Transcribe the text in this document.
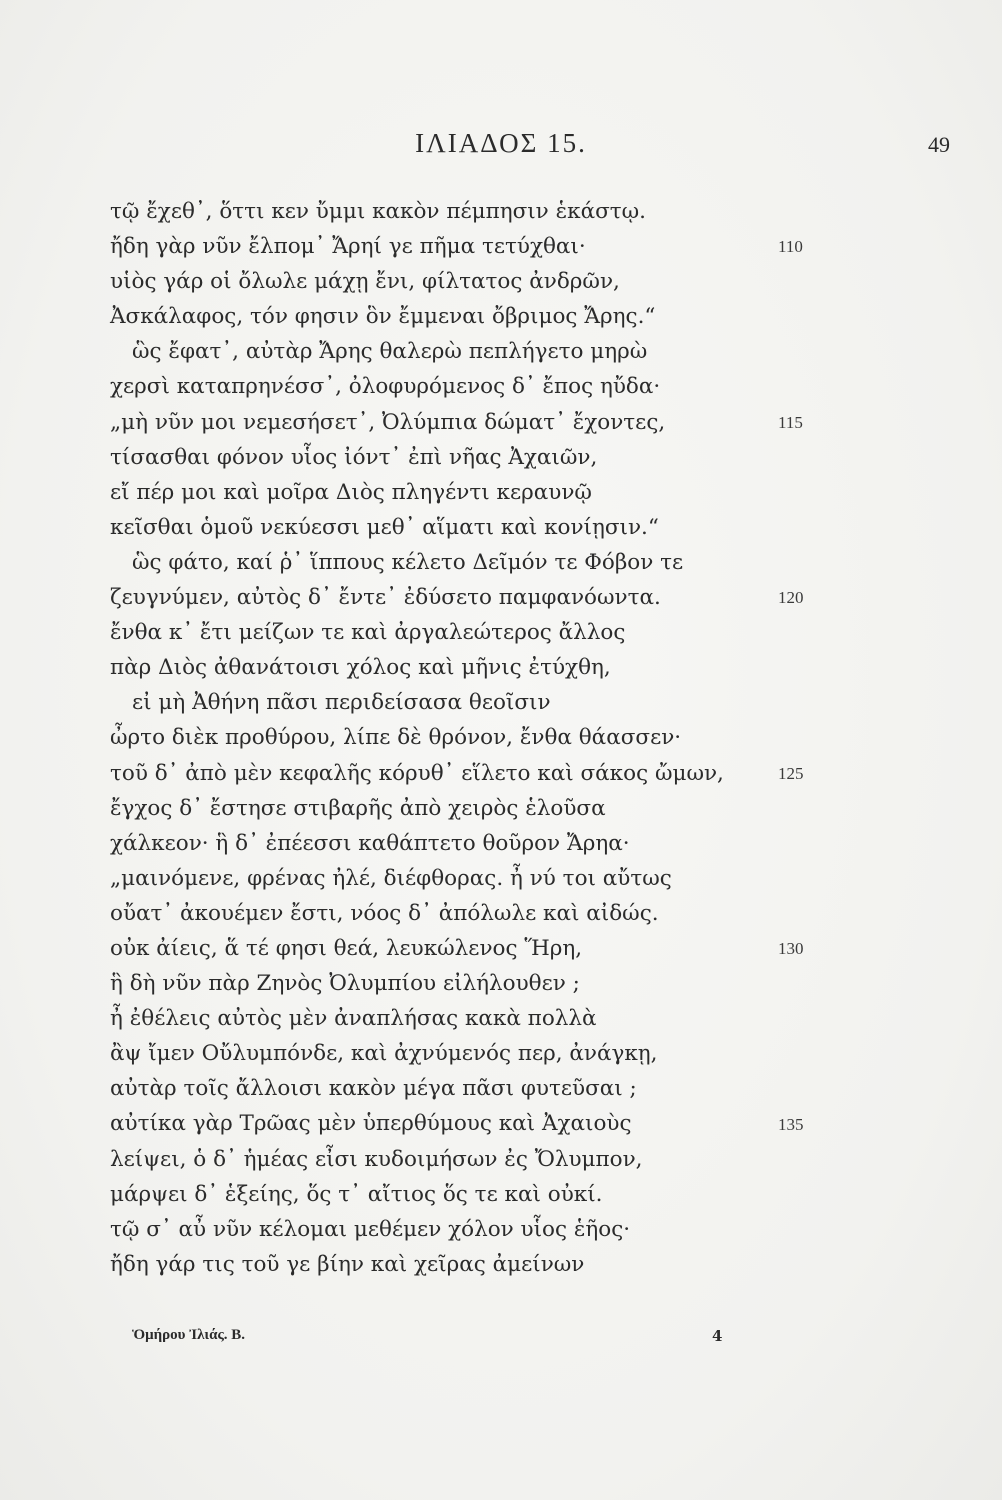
ΙΛΙΑΔΟΣ 15.	49
τῷ ἔχεθ᾽, ὅττι κεν ὔμμι κακὸν πέμπησιν ἑκάστῳ.
ἤδη γὰρ νῦν ἔλπομ᾽ Ἄρηί γε πῆμα τετύχθαι·
υἱὸς γάρ οἱ ὄλωλε μάχῃ ἔνι, φίλτατος ἀνδρῶν,
Ἀσκάλαφος, τόν φησιν ὃν ἔμμεναι ὄβριμος Ἄρης.“
ὣς ἔφατ᾽, αὐτὰρ Ἄρης θαλερὼ πεπλήγετο μηρὼ
χερσὶ καταπρηνέσσ᾽, ὀλοφυρόμενος δ᾽ ἔπος ηὔδα·
„μὴ νῦν μοι νεμεσήσετ᾽, Ὀλύμπια δώματ᾽ ἔχοντες,
τίσασθαι φόνον υἷος ἰόντ᾽ ἐπὶ νῆας Ἀχαιῶν,
εἴ πέρ μοι καὶ μοῖρα Διὸς πληγέντι κεραυνῷ
κεῖσθαι ὁμοῦ νεκύεσσι μεθ᾽ αἵματι καὶ κονίῃσιν.“
ὣς φάτο, καί ῥ᾽ ἵππους κέλετο Δεῖμόν τε Φόβον τε
ζευγνύμεν, αὐτὸς δ᾽ ἔντε᾽ ἐδύσετο παμφανόωντα.
ἔνθα κ᾽ ἔτι μείζων τε καὶ ἀργαλεώτερος ἄλλος
πὰρ Διὸς ἀθανάτοισι χόλος καὶ μῆνις ἐτύχθη,
εἰ μὴ Ἀθήνη πᾶσι περιδείσασα θεοῖσιν
ὦρτο διὲκ προθύρου, λίπε δὲ θρόνον, ἔνθα θάασσεν·
τοῦ δ᾽ ἀπὸ μὲν κεφαλῆς κόρυθ᾽ εἵλετο καὶ σάκος ὤμων,
ἔγχος δ᾽ ἔστησε στιβαρῆς ἀπὸ χειρὸς ἑλοῦσα
χάλκεον· ἣ δ᾽ ἐπέεσσι καθάπτετο θοῦρον Ἄρηα·
„μαινόμενε, φρένας ἠλέ, διέφθορας. ἦ νύ τοι αὔτως
οὔατ᾽ ἀκουέμεν ἔστι, νόος δ᾽ ἀπόλωλε καὶ αἰδώς.
οὐκ ἀίεις, ἅ τέ φησι θεά, λευκώλενος Ἥρη,
ἣ δὴ νῦν πὰρ Ζηνὸς Ὀλυμπίου εἰλήλουθεν ;
ἦ ἐθέλεις αὐτὸς μὲν ἀναπλήσας κακὰ πολλὰ
ἂψ ἴμεν Οὔλυμπόνδε, καὶ ἀχνύμενός περ, ἀνάγκῃ,
αὐτὰρ τοῖς ἄλλοισι κακὸν μέγα πᾶσι φυτεῦσαι ;
αὐτίκα γὰρ Τρῶας μὲν ὑπερθύμους καὶ Ἀχαιοὺς
λείψει, ὁ δ᾽ ἡμέας εἶσι κυδοιμήσων ἐς Ὄλυμπον,
μάρψει δ᾽ ἑξείης, ὅς τ᾽ αἴτιος ὅς τε καὶ οὐκί.
τῷ σ᾽ αὖ νῦν κέλομαι μεθέμεν χόλον υἷος ἑῆος·
ἤδη γάρ τις τοῦ γε βίην καὶ χεῖρας ἀμείνων
110
115
120
125
130
135
Ὁμήρου Ἰλιάς. B.	4
